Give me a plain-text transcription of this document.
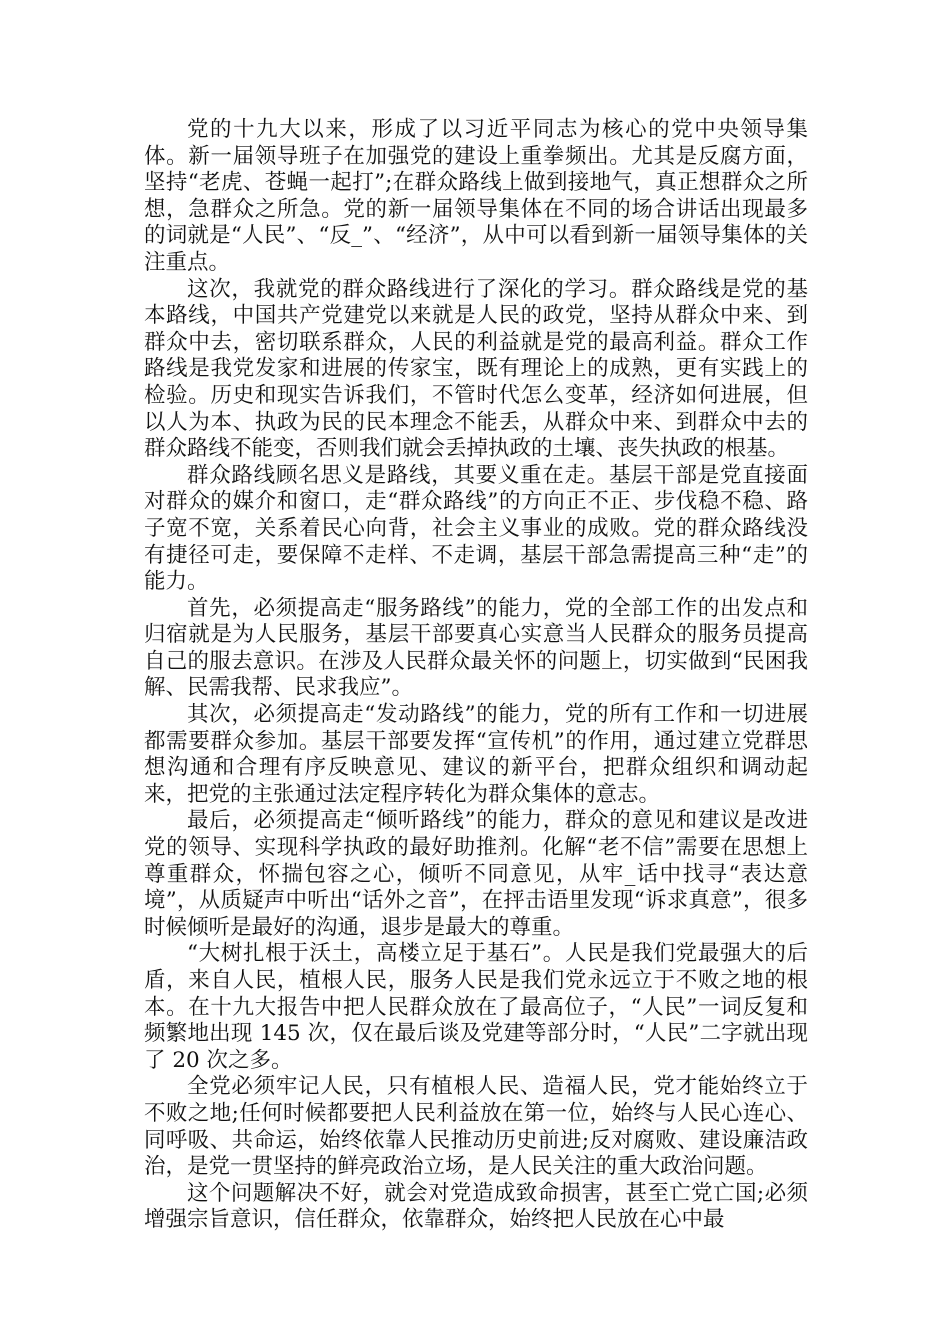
党的十九大以来，形成了以习近平同志为核心的党中央领导集体。新一届领导班子在加强党的建设上重拳频出。尤其是反腐方面，坚持“老虎、苍蝇一起打”;在群众路线上做到接地气，真正想群众之所想，急群众之所急。党的新一届领导集体在不同的场合讲话出现最多的词就是“人民”、“反_”、“经济”，从中可以看到新一届领导集体的关注重点。

这次，我就党的群众路线进行了深化的学习。群众路线是党的基本路线，中国共产党建党以来就是人民的政党，坚持从群众中来、到群众中去，密切联系群众，人民的利益就是党的最高利益。群众工作路线是我党发家和进展的传家宝，既有理论上的成熟，更有实践上的检验。历史和现实告诉我们，不管时代怎么变革，经济如何进展，但以人为本、执政为民的民本理念不能丢，从群众中来、到群众中去的群众路线不能变，否则我们就会丢掉执政的土壤、丧失执政的根基。

群众路线顾名思义是路线，其要义重在走。基层干部是党直接面对群众的媒介和窗口，走“群众路线”的方向正不正、步伐稳不稳、路子宽不宽，关系着民心向背，社会主义事业的成败。党的群众路线没有捷径可走，要保障不走样、不走调，基层干部急需提高三种“走”的能力。

首先，必须提高走“服务路线”的能力，党的全部工作的出发点和归宿就是为人民服务，基层干部要真心实意当人民群众的服务员提高自己的服去意识。在涉及人民群众最关怀的问题上，切实做到“民困我解、民需我帮、民求我应”。

其次，必须提高走“发动路线”的能力，党的所有工作和一切进展都需要群众参加。基层干部要发挥“宣传机”的作用，通过建立党群思想沟通和合理有序反映意见、建议的新平台，把群众组织和调动起来，把党的主张通过法定程序转化为群众集体的意志。

最后，必须提高走“倾听路线”的能力，群众的意见和建议是改进党的领导、实现科学执政的最好助推剂。化解“老不信”需要在思想上尊重群众，怀揣包容之心，倾听不同意见，从牢_话中找寻“表达意境”，从质疑声中听出“话外之音”，在抨击语里发现“诉求真意”，很多时候倾听是最好的沟通，退步是最大的尊重。

“大树扎根于沃土，高楼立足于基石”。人民是我们党最强大的后盾，来自人民，植根人民，服务人民是我们党永远立于不败之地的根本。在十九大报告中把人民群众放在了最高位子，“人民”一词反复和频繁地出现 145 次，仅在最后谈及党建等部分时，“人民”二字就出现了 20 次之多。

全党必须牢记人民，只有植根人民、造福人民，党才能始终立于不败之地;任何时候都要把人民利益放在第一位，始终与人民心连心、同呼吸、共命运，始终依靠人民推动历史前进;反对腐败、建设廉洁政治，是党一贯坚持的鲜亮政治立场，是人民关注的重大政治问题。

这个问题解决不好，就会对党造成致命损害，甚至亡党亡国;必须增强宗旨意识，信任群众，依靠群众，始终把人民放在心中最
